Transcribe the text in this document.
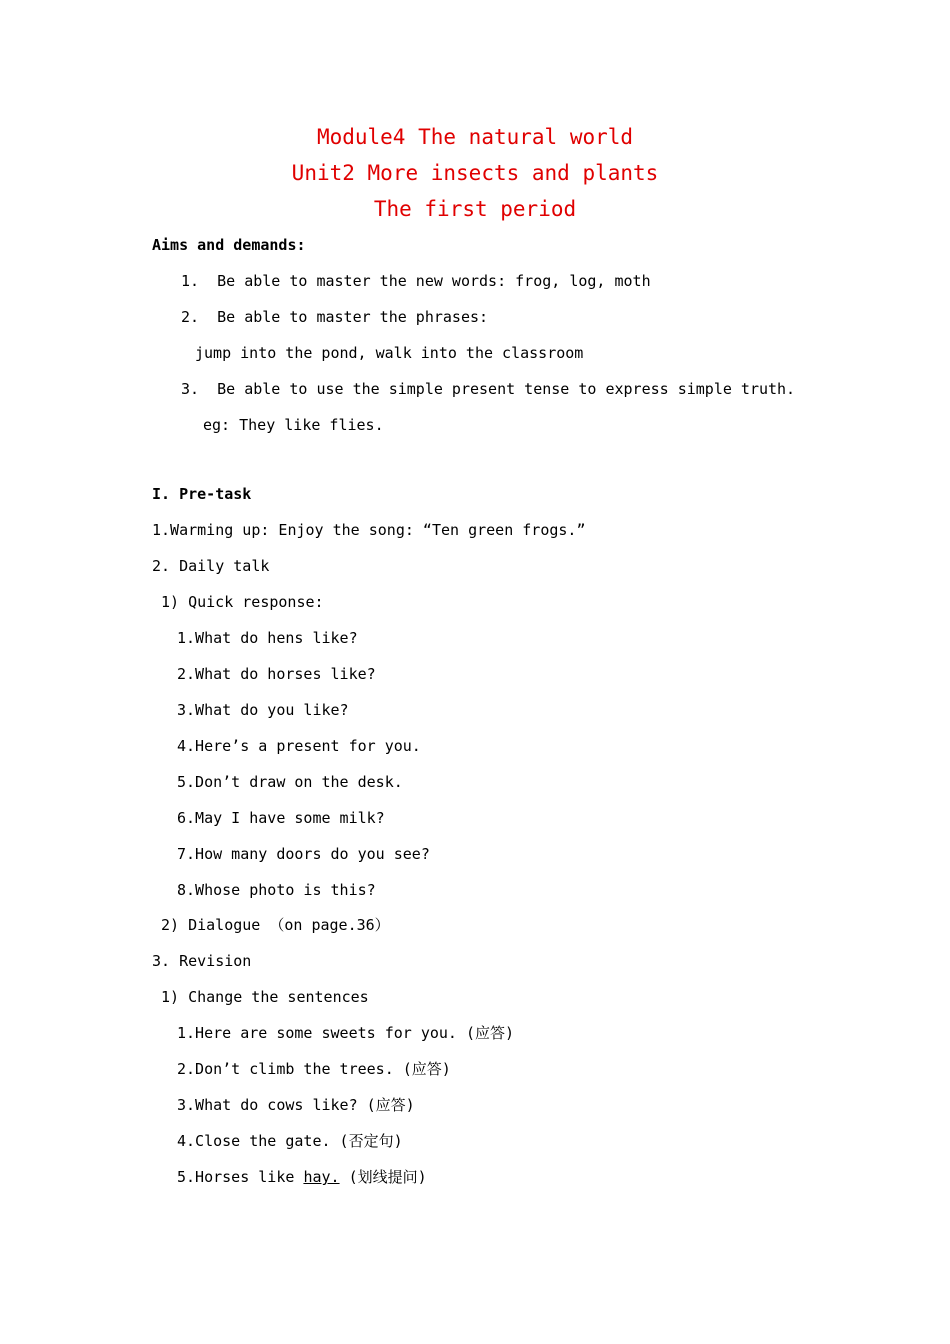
Module4 The natural world
Unit2 More insects and plants
The first period
Aims and demands:
1.  Be able to master the new words: frog, log, moth
2.  Be able to master the phrases:
jump into the pond, walk into the classroom
3.  Be able to use the simple present tense to express simple truth.
eg: They like flies.
I. Pre-task
1.Warming up: Enjoy the song: “Ten green frogs.”
2. Daily talk
1) Quick response:
1.What do hens like?
2.What do horses like?
3.What do you like?
4.Here’s a present for you.
5.Don’t draw on the desk.
6.May I have some milk?
7.How many doors do you see?
8.Whose photo is this?
2) Dialogue （on page.36）
3. Revision
1) Change the sentences
1.Here are some sweets for you. (应答)
2.Don’t climb the trees. (应答)
3.What do cows like? (应答)
4.Close the gate. (否定句)
5.Horses like hay. (划线提问)
